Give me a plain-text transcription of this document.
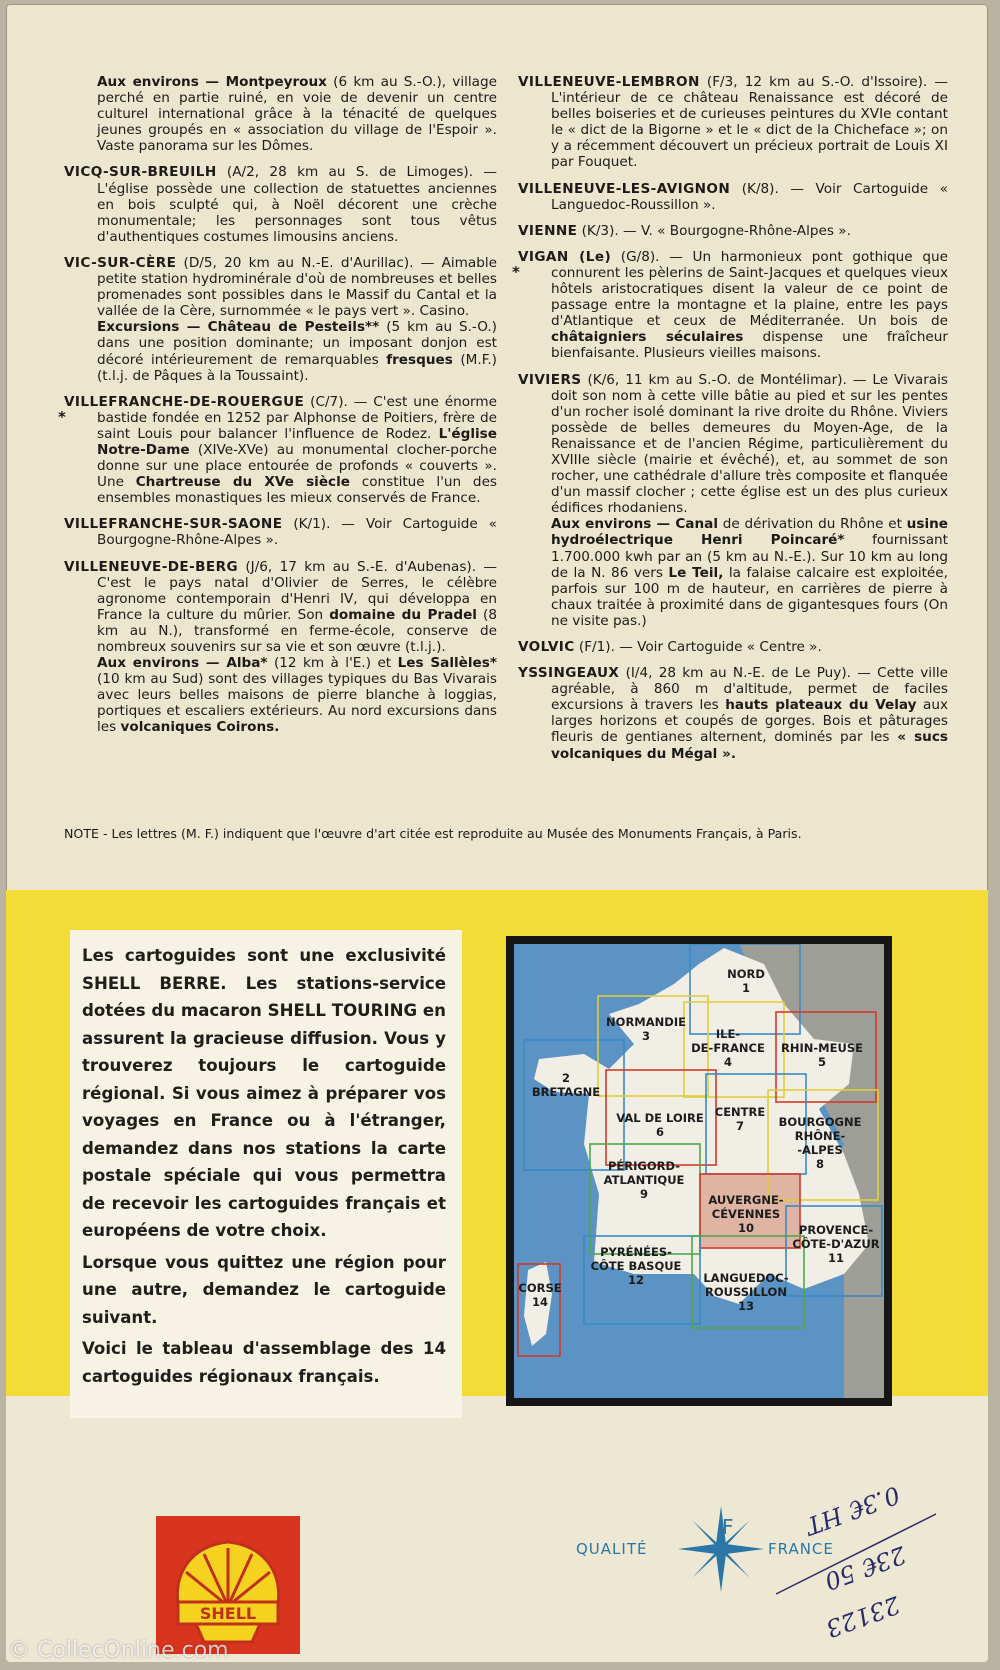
Aux environs — Montpeyroux (6 km au S.-O.), village perché en partie ruiné, en voie de devenir un centre culturel international grâce à la ténacité de quelques jeunes groupés en « association du village de l'Espoir ». Vaste panorama sur les Dômes.

VICQ-SUR-BREUILH (A/2, 28 km au S. de Limoges). — L'église possède une collection de statuettes anciennes en bois sculpté qui, à Noël décorent une crèche monumentale; les personnages sont tous vêtus d'authentiques costumes limousins anciens.

VIC-SUR-CÈRE (D/5, 20 km au N.-E. d'Aurillac). — Aimable petite station hydrominérale d'où de nombreuses et belles promenades sont possibles dans le Massif du Cantal et la vallée de la Cère, surnommée « le pays vert ». Casino.

Excursions — Château de Pesteils** (5 km au S.-O.) dans une position dominante; un imposant donjon est décoré intérieurement de remarquables fresques (M.F.) (t.l.j. de Pâques à la Toussaint).

*

VILLEFRANCHE-DE-ROUERGUE (C/7). — C'est une énorme bastide fondée en 1252 par Alphonse de Poitiers, frère de saint Louis pour balancer l'influence de Rodez. L'église Notre-Dame (XIVe-XVe) au monumental clocher-porche donne sur une place entourée de profonds « couverts ». Une Chartreuse du XVe siècle constitue l'un des ensembles monastiques les mieux conservés de France.

VILLEFRANCHE-SUR-SAONE (K/1). — Voir Cartoguide « Bourgogne-Rhône-Alpes ».

VILLENEUVE-DE-BERG (J/6, 17 km au S.-E. d'Aubenas). — C'est le pays natal d'Olivier de Serres, le célèbre agronome contemporain d'Henri IV, qui développa en France la culture du mûrier. Son domaine du Pradel (8 km au N.), transformé en ferme-école, conserve de nombreux souvenirs sur sa vie et son œuvre (t.l.j.).

Aux environs — Alba* (12 km à l'E.) et Les Sallèles* (10 km au Sud) sont des villages typiques du Bas Vivarais avec leurs belles maisons de pierre blanche à loggias, portiques et escaliers extérieurs. Au nord excursions dans les volcaniques Coirons.

VILLENEUVE-LEMBRON (F/3, 12 km au S.-O. d'Issoire). — L'intérieur de ce château Renaissance est décoré de belles boiseries et de curieuses peintures du XVIe contant le « dict de la Bigorne » et le « dict de la Chicheface »; on y a récemment découvert un précieux portrait de Louis XI par Fouquet.

VILLENEUVE-LES-AVIGNON (K/8). — Voir Cartoguide « Languedoc-Roussillon ».

VIENNE (K/3). — V. « Bourgogne-Rhône-Alpes ».

*

VIGAN (Le) (G/8). — Un harmonieux pont gothique que connurent les pèlerins de Saint-Jacques et quelques vieux hôtels aristocratiques disent la valeur de ce point de passage entre la montagne et la plaine, entre les pays d'Atlantique et ceux de Méditerranée. Un bois de châtaigniers séculaires dispense une fraîcheur bienfaisante. Plusieurs vieilles maisons.

VIVIERS (K/6, 11 km au S.-O. de Montélimar). — Le Vivarais doit son nom à cette ville bâtie au pied et sur les pentes d'un rocher isolé dominant la rive droite du Rhône. Viviers possède de belles demeures du Moyen-Age, de la Renaissance et de l'ancien Régime, particulièrement du XVIIIe siècle (mairie et évêché), et, au sommet de son rocher, une cathédrale d'allure très composite et flanquée d'un massif clocher ; cette église est un des plus curieux édifices rhodaniens.

Aux environs — Canal de dérivation du Rhône et usine hydroélectrique Henri Poincaré* fournissant 1.700.000 kwh par an (5 km au N.-E.). Sur 10 km au long de la N. 86 vers Le Teil, la falaise calcaire est exploitée, parfois sur 100 m de hauteur, en carrières de pierre à chaux traitée à proximité dans de gigantesques fours (On ne visite pas.)

VOLVIC (F/1). — Voir Cartoguide « Centre ».

YSSINGEAUX (I/4, 28 km au N.-E. de Le Puy). — Cette ville agréable, à 860 m d'altitude, permet de faciles excursions à travers les hauts plateaux du Velay aux larges horizons et coupés de gorges. Bois et pâturages fleuris de gentianes alternent, dominés par les « sucs volcaniques du Mégal ».

NOTE - Les lettres (M. F.) indiquent que l'œuvre d'art citée est reproduite au Musée des Monuments Français, à Paris.

Les cartoguides sont une exclusivité SHELL BERRE. Les stations-service dotées du macaron SHELL TOURING en assurent la gracieuse diffusion. Vous y trouverez toujours le cartoguide régional. Si vous aimez à préparer vos voyages en France ou à l'étranger, demandez dans nos stations la carte postale spéciale qui vous permettra de recevoir les cartoguides français et européens de votre choix.

Lorsque vous quittez une région pour une autre, demandez le cartoguide suivant.

Voici le tableau d'assemblage des 14 cartoguides régionaux français.

NORD
1
2
BRETAGNE
NORMANDIE
3	ILE-
DE-FRANCE
4
RHIN-MEUSE
5
VAL DE LOIRE
6
CENTRE
7	BOURGOGNE
RHÔNE-
-ALPES
8
PÉRIGORD-
ATLANTIQUE
9	AUVERGNE-
CÉVENNES
10	PROVENCE-
CÔTE-D'AZUR
11
PYRÉNÉES-
CÔTE BASQUE
12	LANGUEDOC-
ROUSSILLON
13
CORSE
14
SHELL
QUALITÉ
F
FRANCE
0.3€ HT
23€ 50
23123
© CollecOnline.com
